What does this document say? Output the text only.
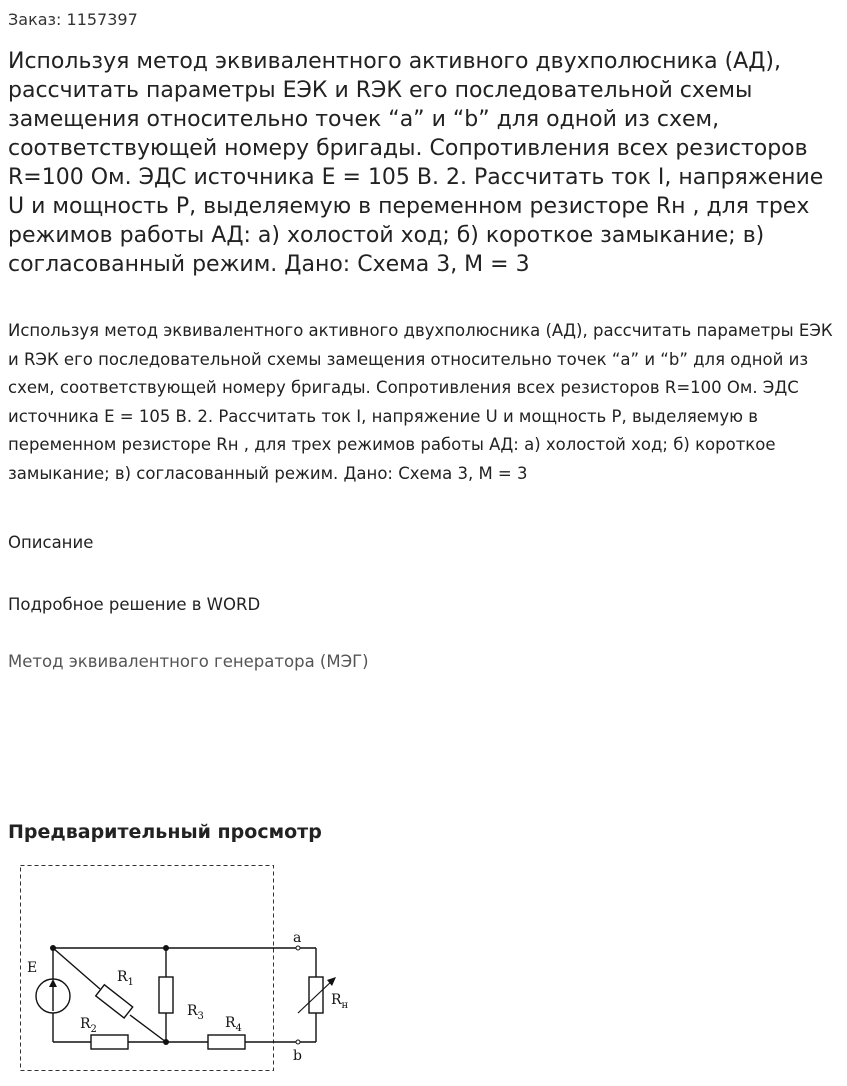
Заказ: 1157397
Используя метод эквивалентного активного двухполюсника (АД), рассчитать параметры ЕЭК и RЭК его последовательной схемы замещения относительно точек “a” и “b” для одной из схем, соответствующей номеру бригады. Сопротивления всех резисторов R=100 Ом. ЭДС источника E = 105 В. 2. Рассчитать ток I, напряжение U и мощность P, выделяемую в переменном резисторе Rн , для трех режимов работы АД: а) холостой ход; б) короткое замыкание; в) согласованный режим. Дано: Схема 3, M = 3

Используя метод эквивалентного активного двухполюсника (АД), рассчитать параметры ЕЭК и RЭК его последовательной схемы замещения относительно точек “a” и “b” для одной из схем, соответствующей номеру бригады. Сопротивления всех резисторов R=100 Ом. ЭДС источника E = 105 В. 2. Рассчитать ток I, напряжение U и мощность P, выделяемую в переменном резисторе Rн , для трех режимов работы АД: а) холостой ход; б) короткое замыкание; в) согласованный режим. Дано: Схема 3, M = 3

Описание
Подробное решение в WORD
Метод эквивалентного генератора (МЭГ)
Предварительный просмотр
E
$R_1$
$R_2$
$R_3$ $R_4$
$R_н$
a
b
